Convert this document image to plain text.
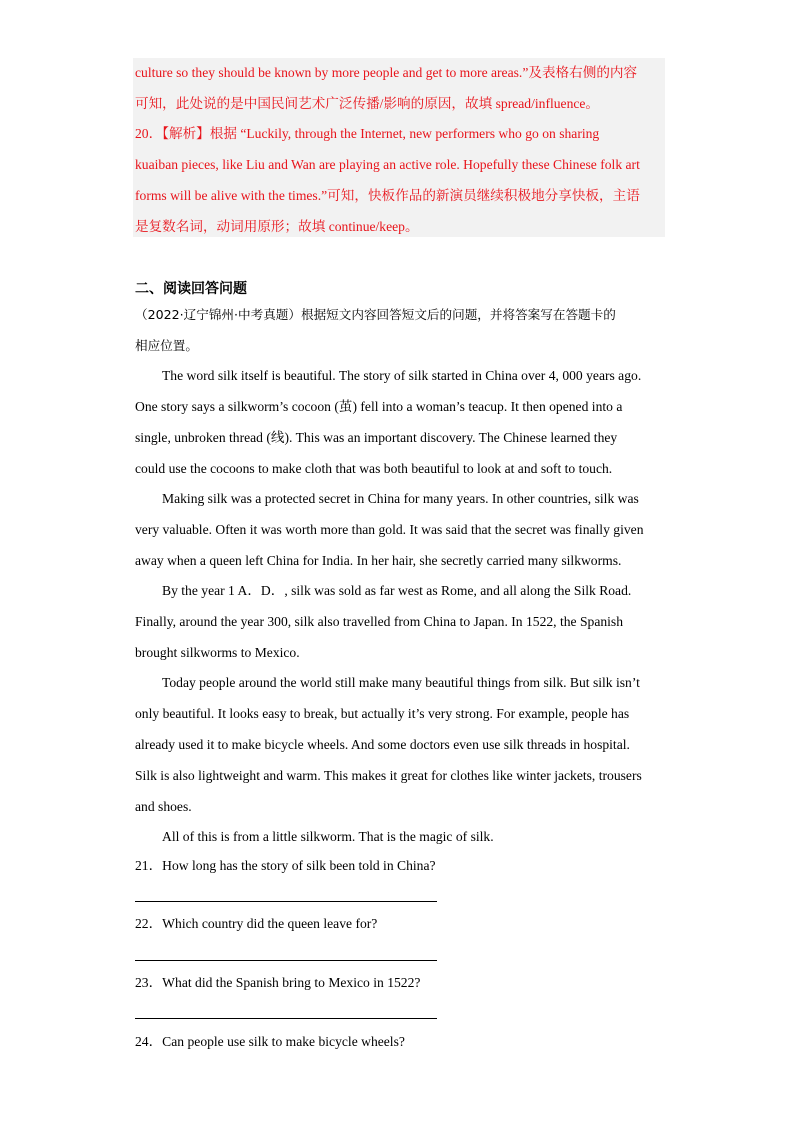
culture so they should be known by more people and get to more areas.”及表格右侧的内容
可知，此处说的是中国民间艺术广泛传播/影响的原因，故填 spread/influence。
20．【解析】根据 “Luckily, through the Internet, new performers who go on sharing
kuaiban pieces, like Liu and Wan are playing an active role. Hopefully these Chinese folk art
forms will be alive with the times.”可知，快板作品的新演员继续积极地分享快板，主语
是复数名词，动词用原形；故填 continue/keep。
二、阅读回答问题
（2022·辽宁锦州·中考真题）根据短文内容回答短文后的问题，并将答案写在答题卡的
相应位置。
The word silk itself is beautiful. The story of silk started in China over 4, 000 years ago.
One story says a silkworm’s cocoon (茧) fell into a woman’s teacup. It then opened into a
single, unbroken thread (线). This was an important discovery. The Chinese learned they
could use the cocoons to make cloth that was both beautiful to look at and soft to touch.
Making silk was a protected secret in China for many years. In other countries, silk was
very valuable. Often it was worth more than gold. It was said that the secret was finally given
away when a queen left China for India. In her hair, she secretly carried many silkworms.
By the year 1 A．D．, silk was sold as far west as Rome, and all along the Silk Road.
Finally, around the year 300, silk also travelled from China to Japan. In 1522, the Spanish
brought silkworms to Mexico.
Today people around the world still make many beautiful things from silk. But silk isn’t
only beautiful. It looks easy to break, but actually it’s very strong. For example, people has
already used it to make bicycle wheels. And some doctors even use silk threads in hospital.
Silk is also lightweight and warm. This makes it great for clothes like winter jackets, trousers
and shoes.
All of this is from a little silkworm. That is the magic of silk.
21．How long has the story of silk been told in China?
22．Which country did the queen leave for?
23．What did the Spanish bring to Mexico in 1522?
24．Can people use silk to make bicycle wheels?
